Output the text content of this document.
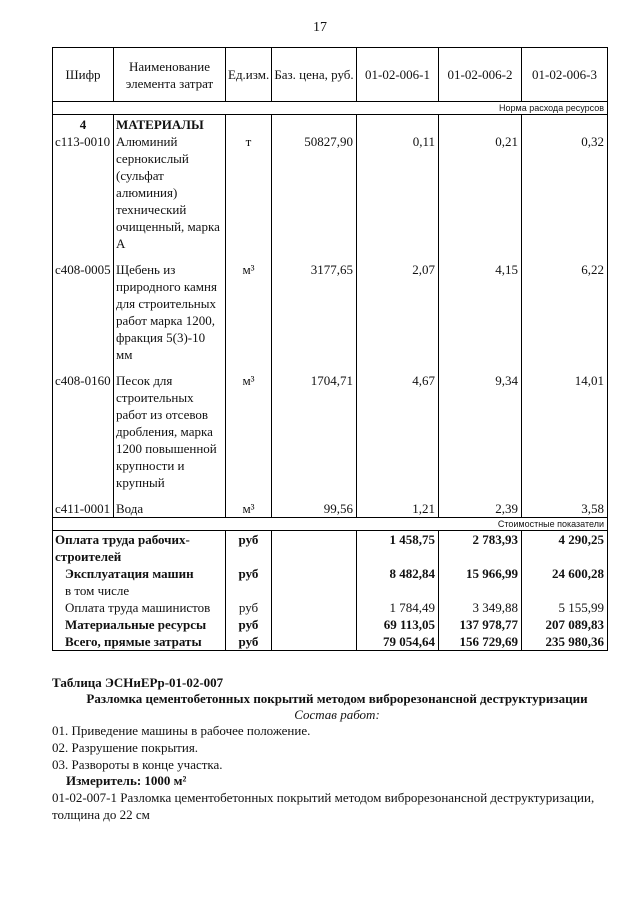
17
Шифр	Наименование элемента затрат	Ед.изм.	Баз. цена, руб.	01-02-006-1	01-02-006-2	01-02-006-3
Норма расхода ресурсов						
4	МАТЕРИАЛЫ					
с113-0010	Алюминий сернокислый (сульфат алюминия) технический очищенный, марка А	т	50827,90	0,11	0,21	0,32

с408-0005	Щебень из природного камня для строительных работ марка 1200, фракция 5(3)-10 мм	м³	3177,65	2,07	4,15	6,22

с408-0160	Песок для строительных работ из отсевов дробления, марка 1200 повышенной крупности и крупный	м³	1704,71	4,67	9,34	14,01

с411-0001	Вода	м³	99,56	1,21	2,39	3,58
Стоимостные показатели						
Оплата труда рабочих-строителей		руб		1 458,75	2 783,93	4 290,25
Эксплуатация машин		руб		8 482,84	15 966,99	24 600,28
в том числе						
Оплата труда машинистов		руб		1 784,49	3 349,88	5 155,99
Материальные ресурсы		руб		69 113,05	137 978,77	207 089,83
Всего, прямые затраты		руб		79 054,64	156 729,69	235 980,36
Таблица ЭСНиЕРр-01-02-007
Разломка цементобетонных покрытий методом виброрезонансной деструктуризации
Состав работ:
01. Приведение машины в рабочее положение.
02. Разрушение покрытия.
03. Развороты в конце участка.
Измеритель: 1000 м²
01-02-007-1 Разломка цементобетонных покрытий методом виброрезонансной деструктуризации,
толщина до 22 см
